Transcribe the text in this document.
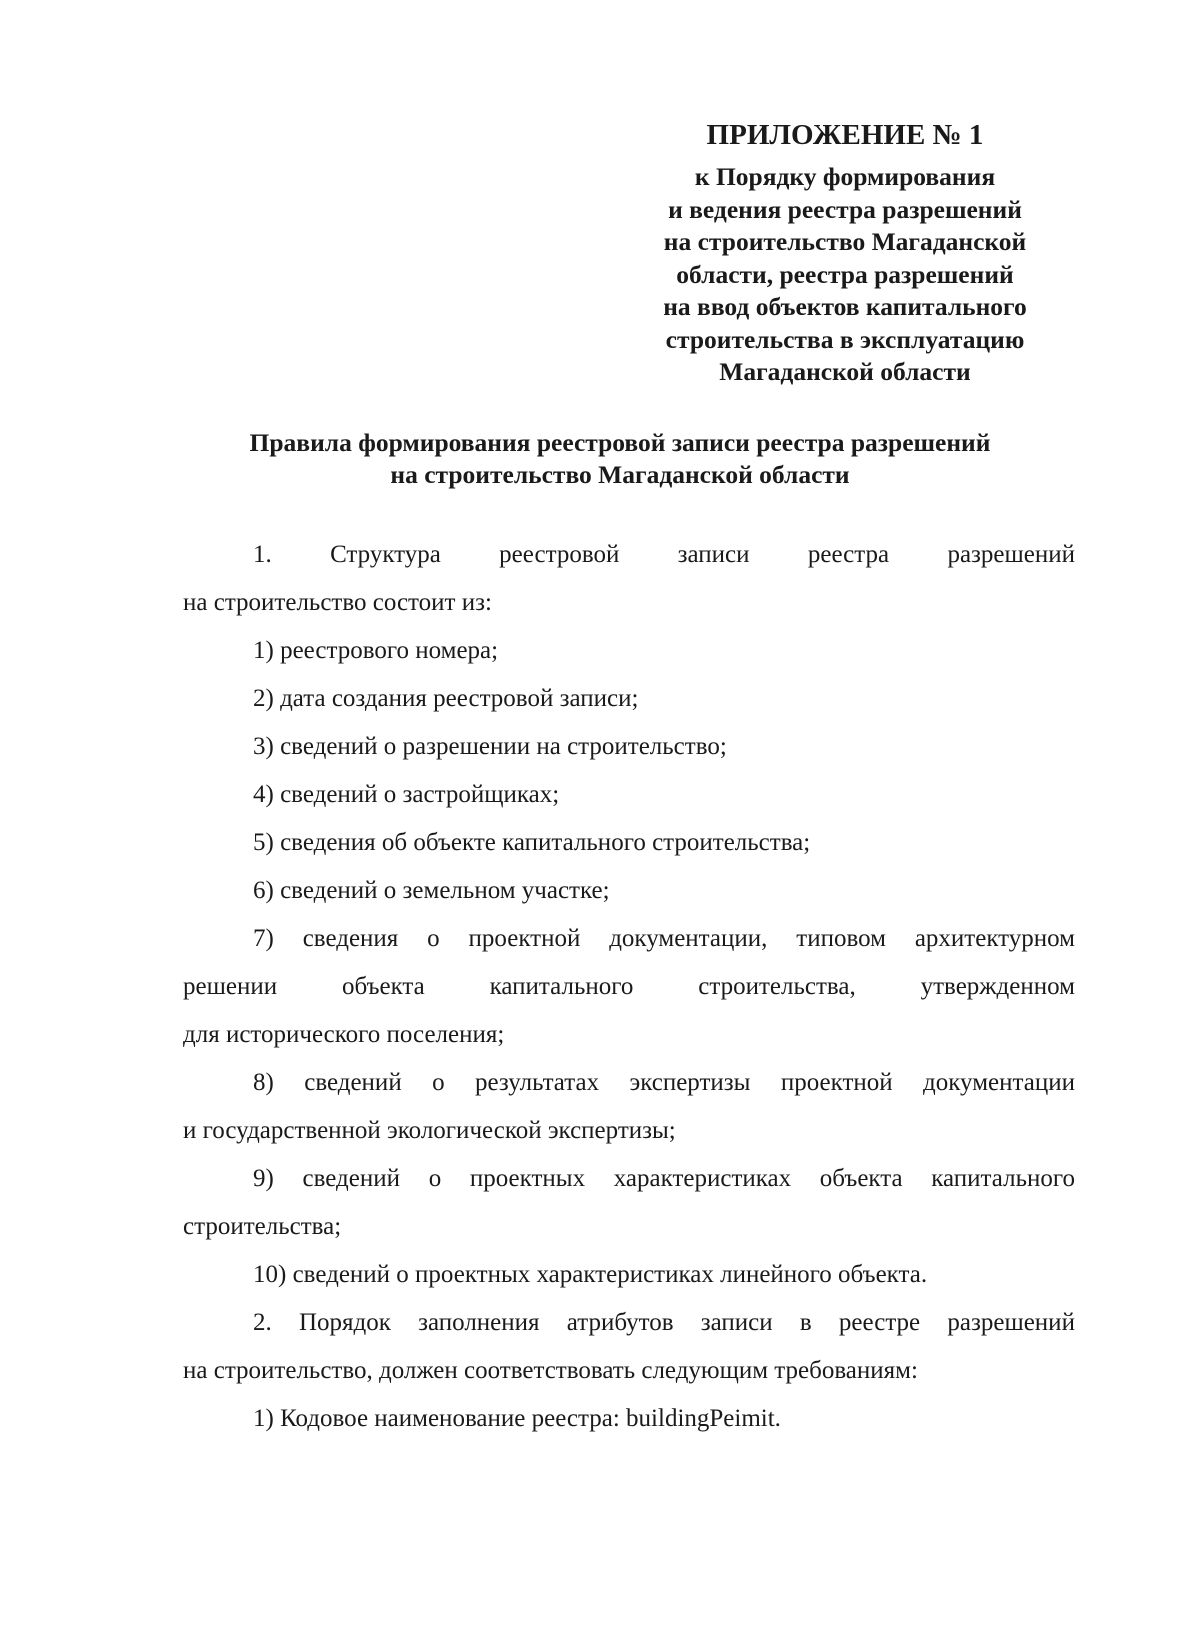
ПРИЛОЖЕНИЕ № 1
к Порядку формирования
и ведения реестра разрешений
на строительство Магаданской
области, реестра разрешений
на ввод объектов капитального
строительства в эксплуатацию
Магаданской области
Правила формирования реестровой записи реестра разрешений
на строительство Магаданской области
1. Структура реестровой записи реестра разрешений
на строительство состоит из:
1) реестрового номера;
2) дата создания реестровой записи;
3) сведений о разрешении на строительство;
4) сведений о застройщиках;
5) сведения об объекте капитального строительства;
6) сведений о земельном участке;
7) сведения о проектной документации, типовом архитектурном
решении	объекта	капитального	строительства,	утвержденном
для исторического поселения;
8) сведений о результатах экспертизы проектной документации
и государственной экологической экспертизы;
9) сведений о проектных характеристиках объекта капитального
строительства;
10) сведений о проектных характеристиках линейного объекта.
2. Порядок заполнения атрибутов записи в реестре разрешений
на строительство, должен соответствовать следующим требованиям:
1) Кодовое наименование реестра: buildingPeimit.
